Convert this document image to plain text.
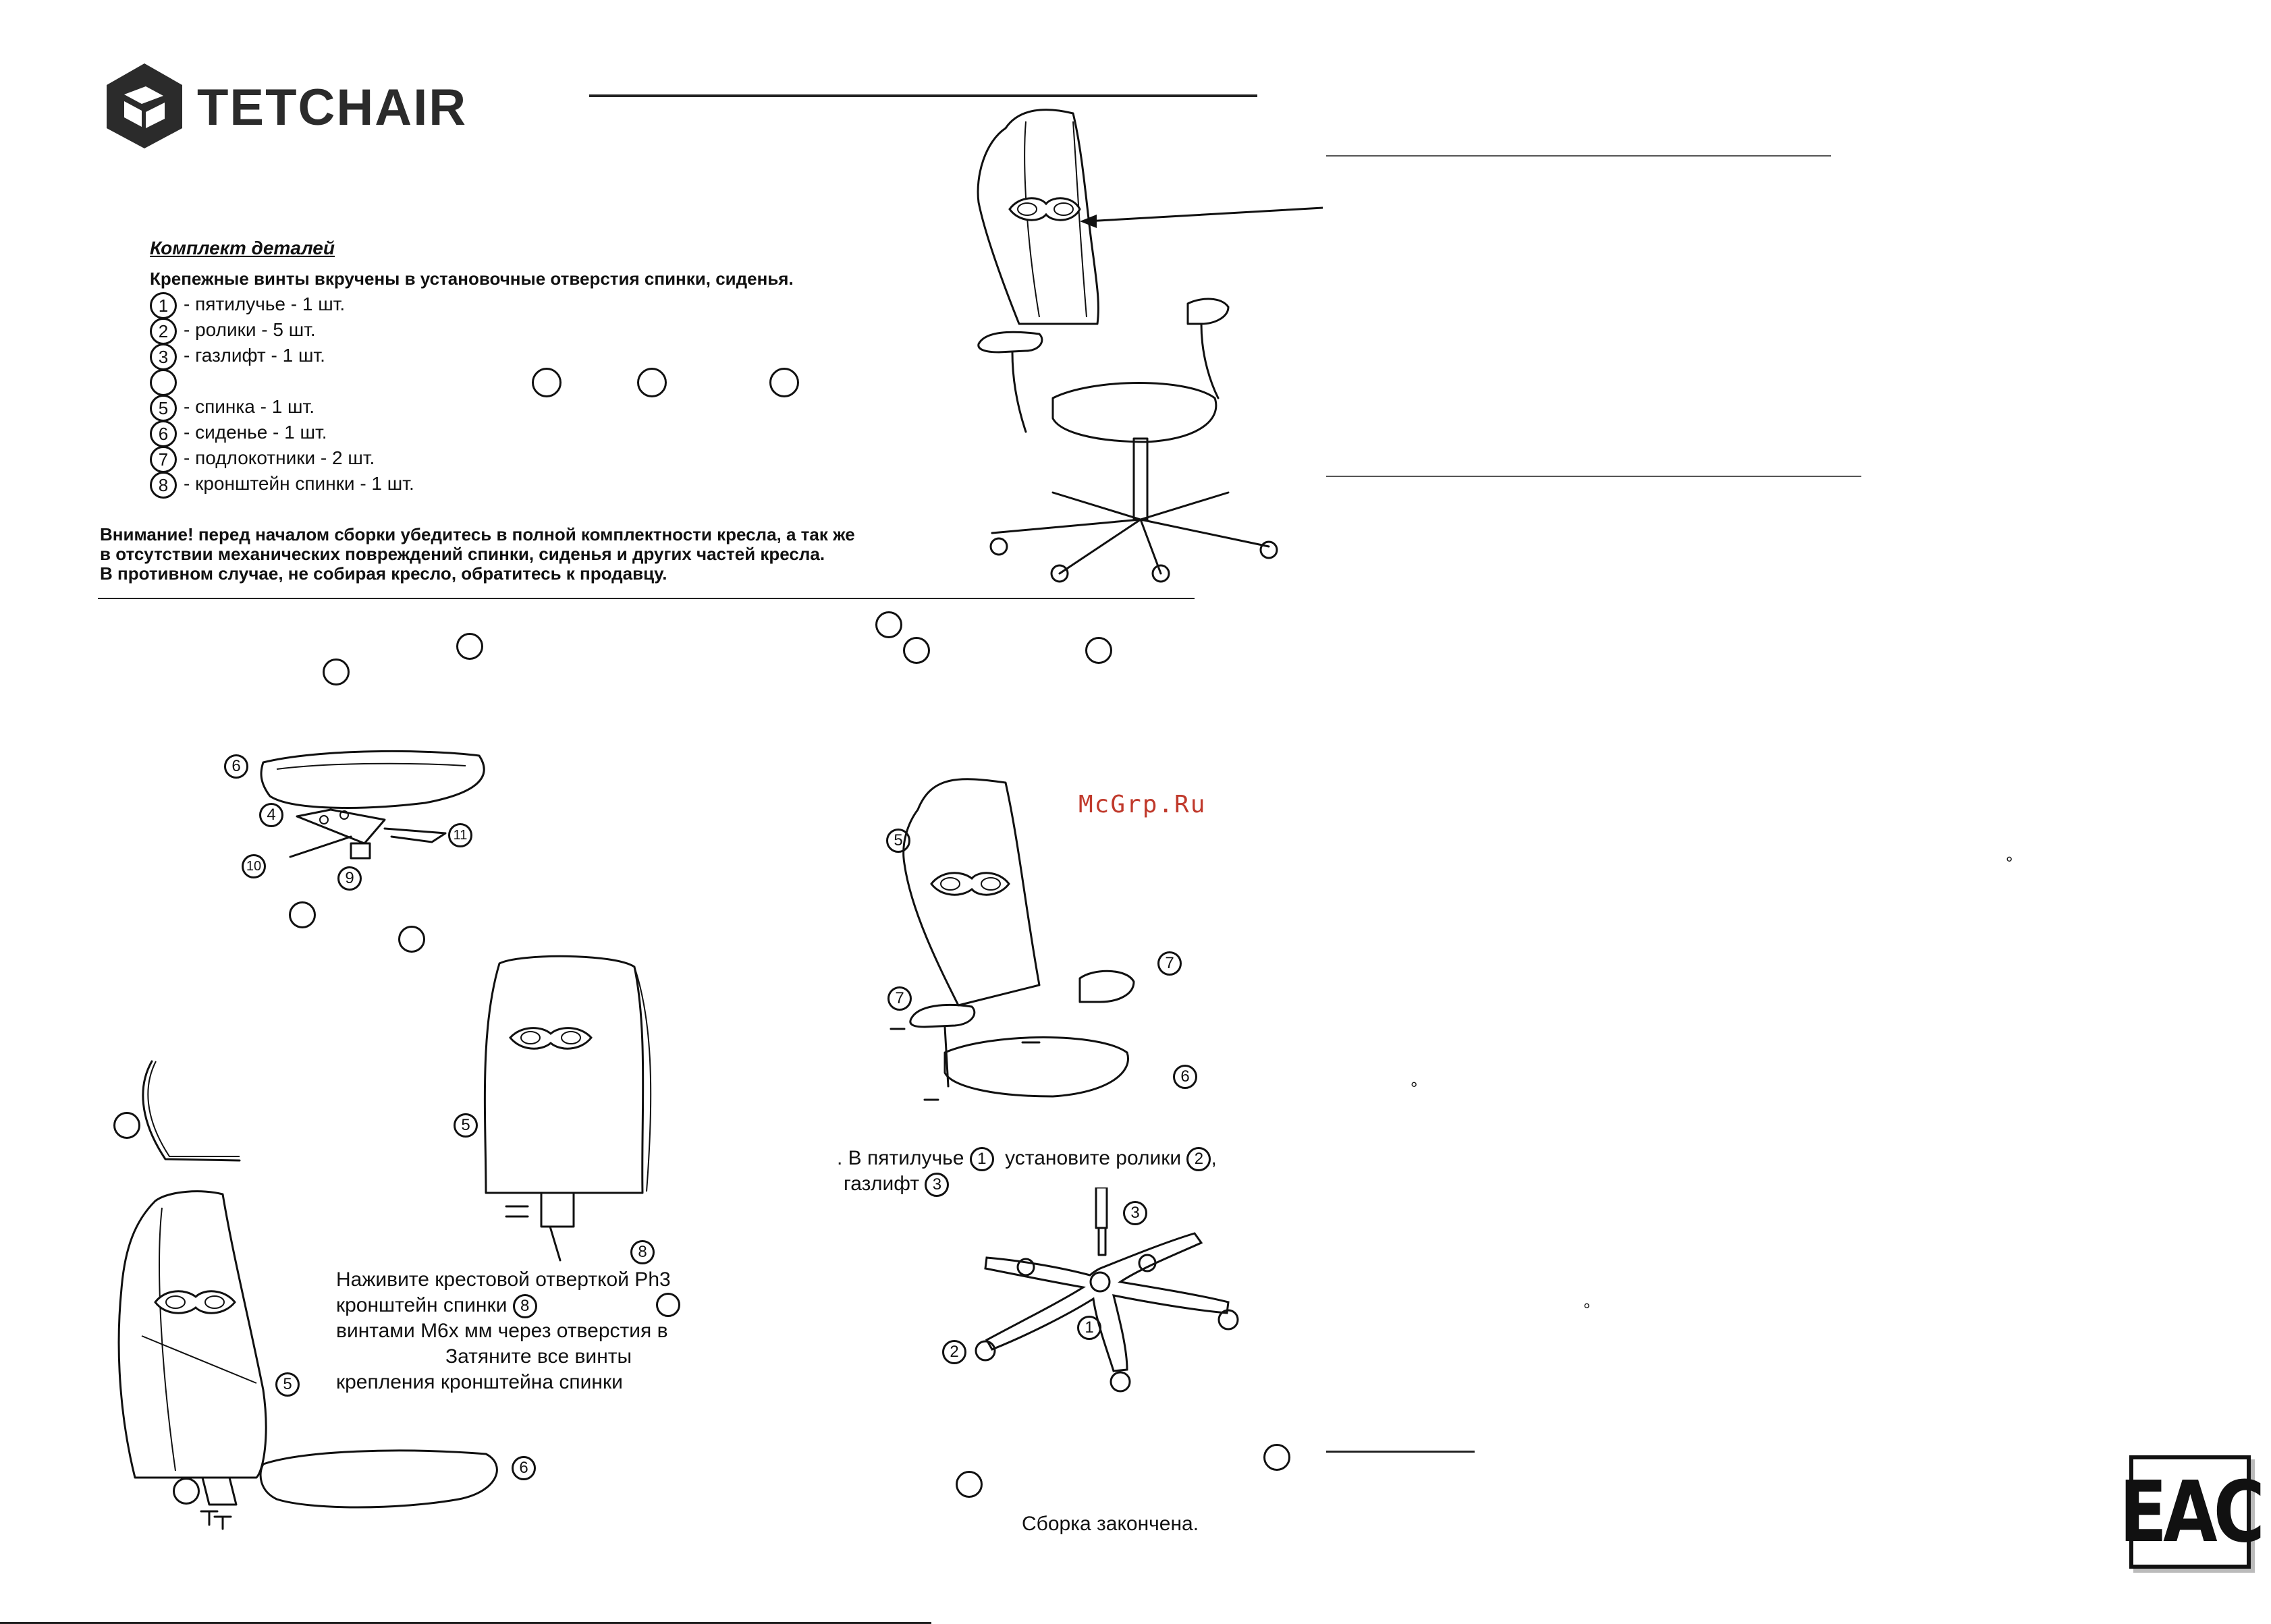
TETCHAIR
Комплект деталей
Крепежные винты вкручены в установочные отверстия спинки, сиденья.
1 - пятилучье - 1 шт.
2 - ролики - 5 шт.
3 - газлифт - 1 шт.
5 - спинка - 1 шт.
6 - сиденье - 1 шт.
7 - подлокотники - 2 шт.
8 - кронштейн спинки - 1 шт.
Внимание! перед началом сборки убедитесь в полной комплектности кресла, а так же
в отсутствии механических повреждений спинки, сиденья и других частей кресла.
В противном случае, не собирая кресло, обратитесь к продавцу.
6
4
11
10
9
5
7
7
6
McGrp.Ru
°
°
°
5
8
Наживите крестовой отверткой Ph3
кронштейн спинки 8
винтами М6х мм через отверстия в
Затяните все винты
крепления кронштейна спинки
5
6
. В пятилучье 1 установите ролики 2 ,
газлифт 3
3
1
2
Сборка закончена.	ЕАС
